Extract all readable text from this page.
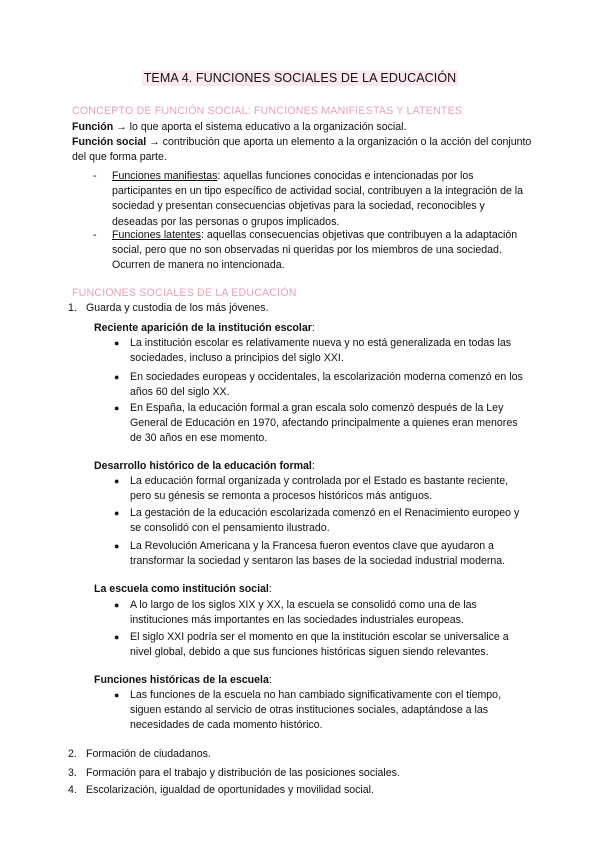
TEMA 4. FUNCIONES SOCIALES DE LA EDUCACIÓN
CONCEPTO DE FUNCIÓN SOCIAL: FUNCIONES MANIFIESTAS Y LATENTES
Función → lo que aporta el sistema educativo a la organización social.
Función social → contribución que aporta un elemento a la organización o la acción del conjunto del que forma parte.
- Funciones manifiestas: aquellas funciones conocidas e intencionadas por los participantes en un tipo específico de actividad social, contribuyen a la integración de la sociedad y presentan consecuencias objetivas para la sociedad, reconocibles y deseadas por las personas o grupos implicados.
- Funciones latentes: aquellas consecuencias objetivas que contribuyen a la adaptación social, pero que no son observadas ni queridas por los miembros de una sociedad. Ocurren de manera no intencionada.
FUNCIONES SOCIALES DE LA EDUCACIÓN
1. Guarda y custodia de los más jóvenes.
Reciente aparición de la institución escolar:
● La institución escolar es relativamente nueva y no está generalizada en todas las sociedades, incluso a principios del siglo XXI.
● En sociedades europeas y occidentales, la escolarización moderna comenzó en los años 60 del siglo XX.
● En España, la educación formal a gran escala solo comenzó después de la Ley General de Educación en 1970, afectando principalmente a quienes eran menores de 30 años en ese momento.
Desarrollo histórico de la educación formal:
● La educación formal organizada y controlada por el Estado es bastante reciente, pero su génesis se remonta a procesos históricos más antiguos.
● La gestación de la educación escolarizada comenzó en el Renacimiento europeo y se consolidó con el pensamiento ilustrado.
● La Revolución Americana y la Francesa fueron eventos clave que ayudaron a transformar la sociedad y sentaron las bases de la sociedad industrial moderna.
La escuela como institución social:
● A lo largo de los siglos XIX y XX, la escuela se consolidó como una de las instituciones más importantes en las sociedades industriales europeas.
● El siglo XXI podría ser el momento en que la institución escolar se universalice a nivel global, debido a que sus funciones históricas siguen siendo relevantes.
Funciones históricas de la escuela:
● Las funciones de la escuela no han cambiado significativamente con el tiempo, siguen estando al servicio de otras instituciones sociales, adaptándose a las necesidades de cada momento histórico.
2. Formación de ciudadanos.
3. Formación para el trabajo y distribución de las posiciones sociales.
4. Escolarización, igualdad de oportunidades y movilidad social.
